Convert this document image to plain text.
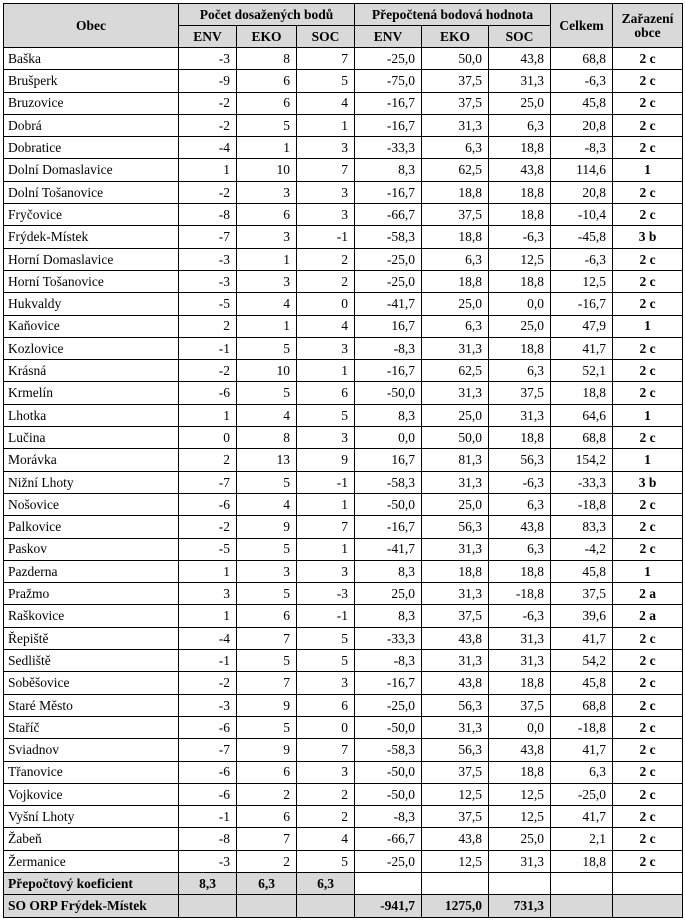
Obec	Počet dosažených bodů			Přepočtená bodová hodnota			Celkem	Zařazení
obce
	ENV	EKO	SOC	ENV	EKO	SOC		
Baška	-3	8	7	-25,0	50,0	43,8	68,8	2 c
Brušperk	-9	6	5	-75,0	37,5	31,3	-6,3	2 c
Bruzovice	-2	6	4	-16,7	37,5	25,0	45,8	2 c
Dobrá	-2	5	1	-16,7	31,3	6,3	20,8	2 c
Dobratice	-4	1	3	-33,3	6,3	18,8	-8,3	2 c
Dolní Domaslavice	1	10	7	8,3	62,5	43,8	114,6	1
Dolní Tošanovice	-2	3	3	-16,7	18,8	18,8	20,8	2 c
Fryčovice	-8	6	3	-66,7	37,5	18,8	-10,4	2 c
Frýdek-Místek	-7	3	-1	-58,3	18,8	-6,3	-45,8	3 b
Horní Domaslavice	-3	1	2	-25,0	6,3	12,5	-6,3	2 c
Horní Tošanovice	-3	3	2	-25,0	18,8	18,8	12,5	2 c
Hukvaldy	-5	4	0	-41,7	25,0	0,0	-16,7	2 c
Kaňovice	2	1	4	16,7	6,3	25,0	47,9	1
Kozlovice	-1	5	3	-8,3	31,3	18,8	41,7	2 c
Krásná	-2	10	1	-16,7	62,5	6,3	52,1	2 c
Krmelín	-6	5	6	-50,0	31,3	37,5	18,8	2 c
Lhotka	1	4	5	8,3	25,0	31,3	64,6	1
Lučina	0	8	3	0,0	50,0	18,8	68,8	2 c
Morávka	2	13	9	16,7	81,3	56,3	154,2	1
Nižní Lhoty	-7	5	-1	-58,3	31,3	-6,3	-33,3	3 b
Nošovice	-6	4	1	-50,0	25,0	6,3	-18,8	2 c
Palkovice	-2	9	7	-16,7	56,3	43,8	83,3	2 c
Paskov	-5	5	1	-41,7	31,3	6,3	-4,2	2 c
Pazderna	1	3	3	8,3	18,8	18,8	45,8	1
Pražmo	3	5	-3	25,0	31,3	-18,8	37,5	2 a
Raškovice	1	6	-1	8,3	37,5	-6,3	39,6	2 a
Řepiště	-4	7	5	-33,3	43,8	31,3	41,7	2 c
Sedliště	-1	5	5	-8,3	31,3	31,3	54,2	2 c
Soběšovice	-2	7	3	-16,7	43,8	18,8	45,8	2 c
Staré Město	-3	9	6	-25,0	56,3	37,5	68,8	2 c
Staříč	-6	5	0	-50,0	31,3	0,0	-18,8	2 c
Sviadnov	-7	9	7	-58,3	56,3	43,8	41,7	2 c
Třanovice	-6	6	3	-50,0	37,5	18,8	6,3	2 c
Vojkovice	-6	2	2	-50,0	12,5	12,5	-25,0	2 c
Vyšní Lhoty	-1	6	2	-8,3	37,5	12,5	41,7	2 c
Žabeň	-8	7	4	-66,7	43,8	25,0	2,1	2 c
Žermanice	-3	2	5	-25,0	12,5	31,3	18,8	2 c
Přepočtový koeficient	8,3	6,3	6,3					
SO ORP Frýdek-Místek				-941,7	1275,0	731,3		
